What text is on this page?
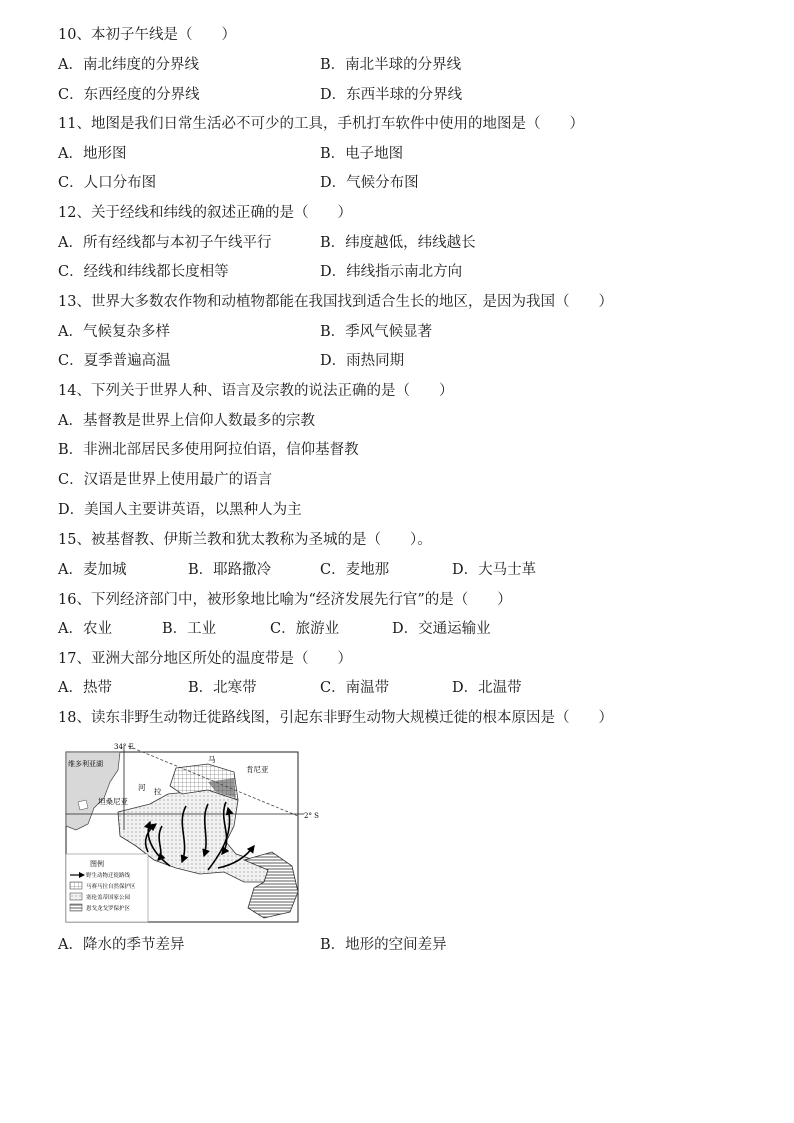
10、本初子午线是（　　）
A．南北纬度的分界线	B．南北半球的分界线
C．东西经度的分界线	D．东西半球的分界线
11、地图是我们日常生活必不可少的工具，手机打车软件中使用的地图是（　　）
A．地形图	B．电子地图
C．人口分布图	D．气候分布图
12、关于经线和纬线的叙述正确的是（　　）
A．所有经线都与本初子午线平行	B．纬度越低，纬线越长
C．经线和纬线都长度相等	D．纬线指示南北方向
13、世界大多数农作物和动植物都能在我国找到适合生长的地区，是因为我国（　　）
A．气候复杂多样	B．季风气候显著
C．夏季普遍高温	D．雨热同期
14、下列关于世界人种、语言及宗教的说法正确的是（　　）
A．基督教是世界上信仰人数最多的宗教
B．非洲北部居民多使用阿拉伯语，信仰基督教
C．汉语是世界上使用最广的语言
D．美国人主要讲英语，以黑种人为主
15、被基督教、伊斯兰教和犹太教称为圣城的是（　　）。
A．麦加城	B．耶路撒冷	C．麦地那	D．大马士革
16、下列经济部门中，被形象地比喻为“经济发展先行官”的是（　　）
A．农业	B．工业	C．旅游业	D．交通运输业
17、亚洲大部分地区所处的温度带是（　　）
A．热带	B．北寒带	C．南温带	D．北温带
18、读东非野生动物迁徙路线图，引起东非野生动物大规模迁徙的根本原因是（　　）
图例
野生动物迁徙路线
马赛马拉自然保护区
塞伦盖蒂国家公园
恩戈龙戈罗保护区
34° E
2° S
维多利亚湖
肯尼亚
坦桑尼亚
河 拉
马
A．降水的季节差异	B．地形的空间差异
